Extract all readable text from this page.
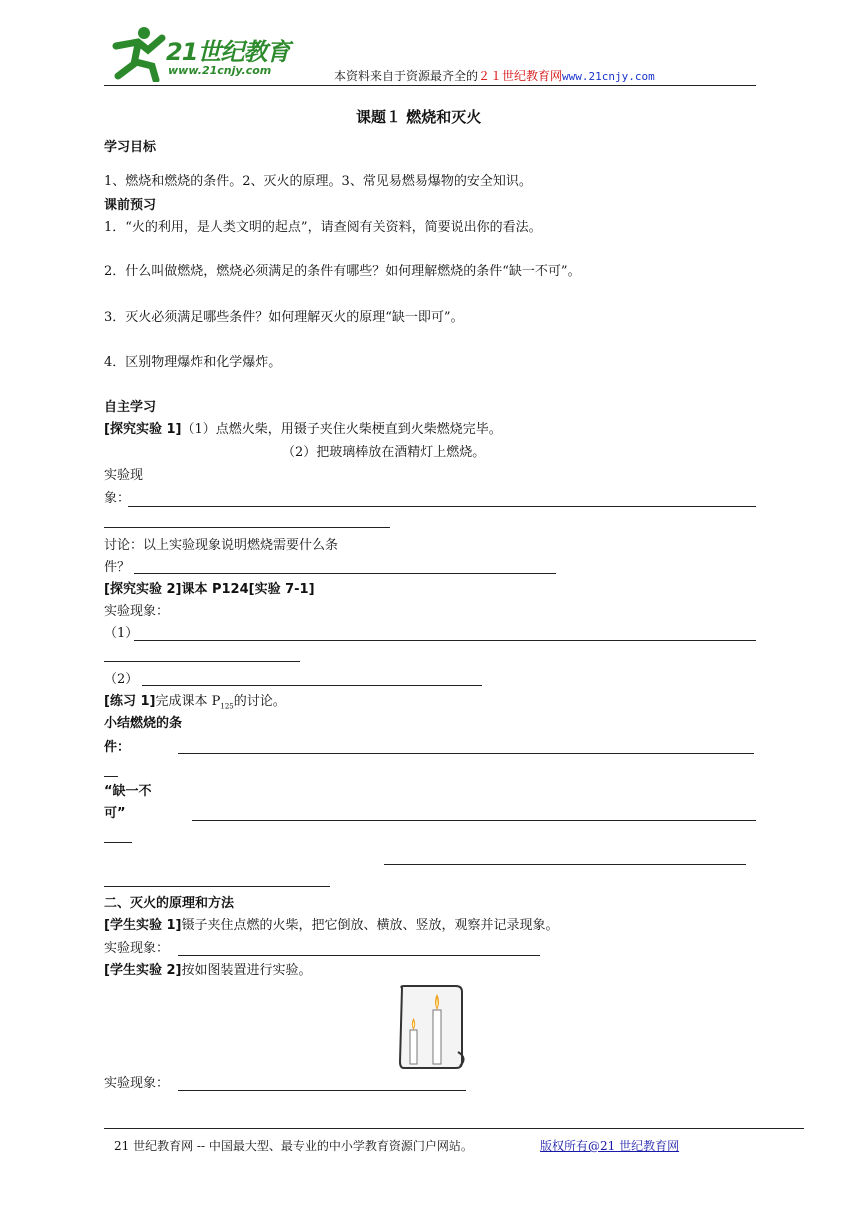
21世纪教育
www.21cnjy.com	本资料来自于资源最齐全的２１世纪教育网www.21cnjy.com
课题１ 燃烧和灭火
学习目标
1、燃烧和燃烧的条件。2、灭火的原理。3、常见易燃易爆物的安全知识。
课前预习
1．“火的利用，是人类文明的起点”，请查阅有关资料，简要说出你的看法。
2．什么叫做燃烧，燃烧必须满足的条件有哪些？如何理解燃烧的条件“缺一不可”。
3．灭火必须满足哪些条件？如何理解灭火的原理“缺一即可”。
4．区别物理爆炸和化学爆炸。
自主学习
[探究实验 1]（1）点燃火柴，用镊子夹住火柴梗直到火柴燃烧完毕。
（2）把玻璃棒放在酒精灯上燃烧。
实验现
象：
讨论：以上实验现象说明燃烧需要什么条
件？
[探究实验 2]课本 P124[实验 7-1]
实验现象：
（1）
（2）
[练习 1]完成课本 $P_{125}$的讨论。
小结燃烧的条
件：
“缺一不
可”
二、灭火的原理和方法
[学生实验 1]镊子夹住点燃的火柴，把它倒放、横放、竖放，观察并记录现象。
实验现象：
[学生实验 2]按如图装置进行实验。
实验现象：
21 世纪教育网 -- 中国最大型、最专业的中小学教育资源门户网站。	版权所有@21 世纪教育网
